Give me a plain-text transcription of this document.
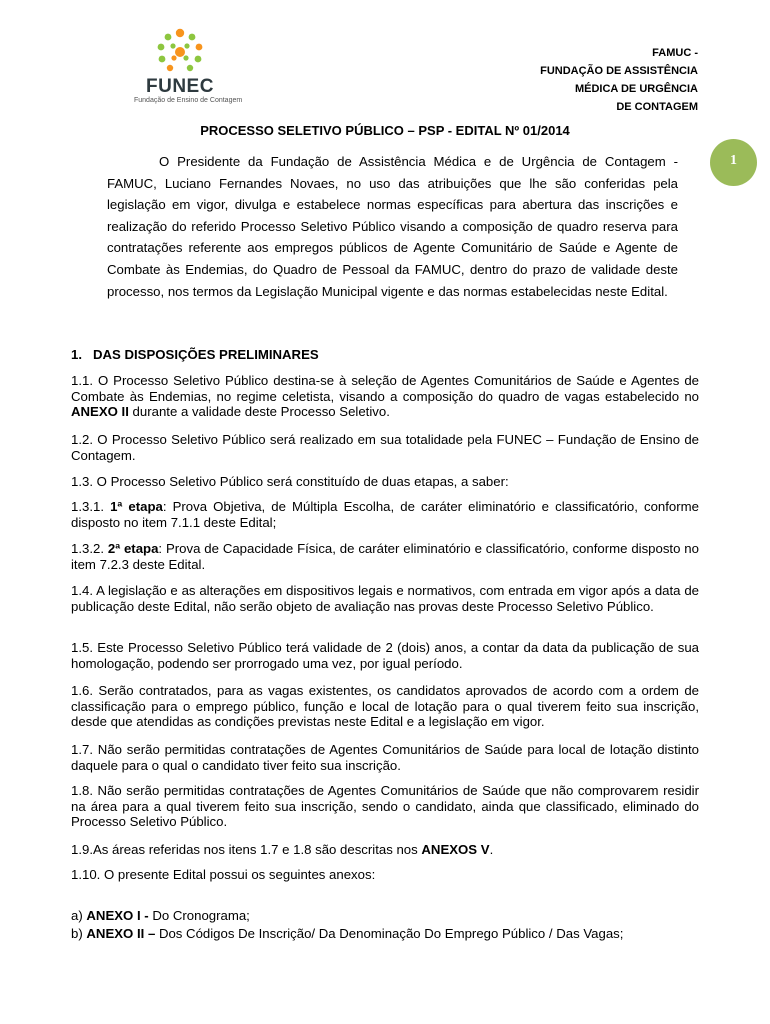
FUNEC
Fundação de Ensino de Contagem
FAMUC -
FUNDAÇÃO DE ASSISTÊNCIA
MÉDICA DE URGÊNCIA
DE CONTAGEM
1
PROCESSO SELETIVO PÚBLICO – PSP - EDITAL Nº 01/2014
O Presidente da Fundação de Assistência Médica e de Urgência de Contagem - FAMUC, Luciano Fernandes Novaes, no uso das atribuições que lhe são conferidas pela legislação em vigor, divulga e estabelece normas específicas para abertura das inscrições e realização do referido Processo Seletivo Público visando a composição de quadro reserva para contratações referente aos empregos públicos de Agente Comunitário de Saúde e Agente de Combate às Endemias, do Quadro de Pessoal da FAMUC, dentro do prazo de validade deste processo, nos termos da Legislação Municipal vigente e das normas estabelecidas neste Edital.
1.   DAS DISPOSIÇÕES PRELIMINARES
1.1. O Processo Seletivo Público destina-se à seleção de Agentes Comunitários de Saúde e Agentes de Combate às Endemias, no regime celetista, visando a composição do quadro de vagas estabelecido no ANEXO II durante a validade deste Processo Seletivo.
1.2. O Processo Seletivo Público será realizado em sua totalidade pela FUNEC – Fundação de Ensino de Contagem.
1.3. O Processo Seletivo Público será constituído de duas etapas, a saber:
1.3.1. 1ª etapa: Prova Objetiva, de Múltipla Escolha, de caráter eliminatório e classificatório, conforme disposto no item 7.1.1 deste Edital;
1.3.2. 2ª etapa: Prova de Capacidade Física, de caráter eliminatório e classificatório, conforme disposto no item 7.2.3 deste Edital.
1.4. A legislação e as alterações em dispositivos legais e normativos, com entrada em vigor após a data de publicação deste Edital, não serão objeto de avaliação nas provas deste Processo Seletivo Público.
1.5. Este Processo Seletivo Público terá validade de 2 (dois) anos, a contar da data da publicação de sua homologação, podendo ser prorrogado uma vez, por igual período.
1.6. Serão contratados, para as vagas existentes, os candidatos aprovados de acordo com a ordem de classificação para o emprego público, função e local de lotação para o qual tiverem feito sua inscrição, desde que atendidas as condições previstas neste Edital e a legislação em vigor.
1.7. Não serão permitidas contratações de Agentes Comunitários de Saúde para local de lotação distinto daquele para o qual o candidato tiver feito sua inscrição.
1.8. Não serão permitidas contratações de Agentes Comunitários de Saúde que não comprovarem residir na área para a qual tiverem feito sua inscrição, sendo o candidato, ainda que classificado, eliminado do Processo Seletivo Público.
1.9.As áreas referidas nos itens 1.7 e 1.8 são descritas nos ANEXOS V.
1.10. O presente Edital possui os seguintes anexos:
a) ANEXO I - Do Cronograma;
b) ANEXO II – Dos Códigos De Inscrição/ Da Denominação Do Emprego Público / Das Vagas;
